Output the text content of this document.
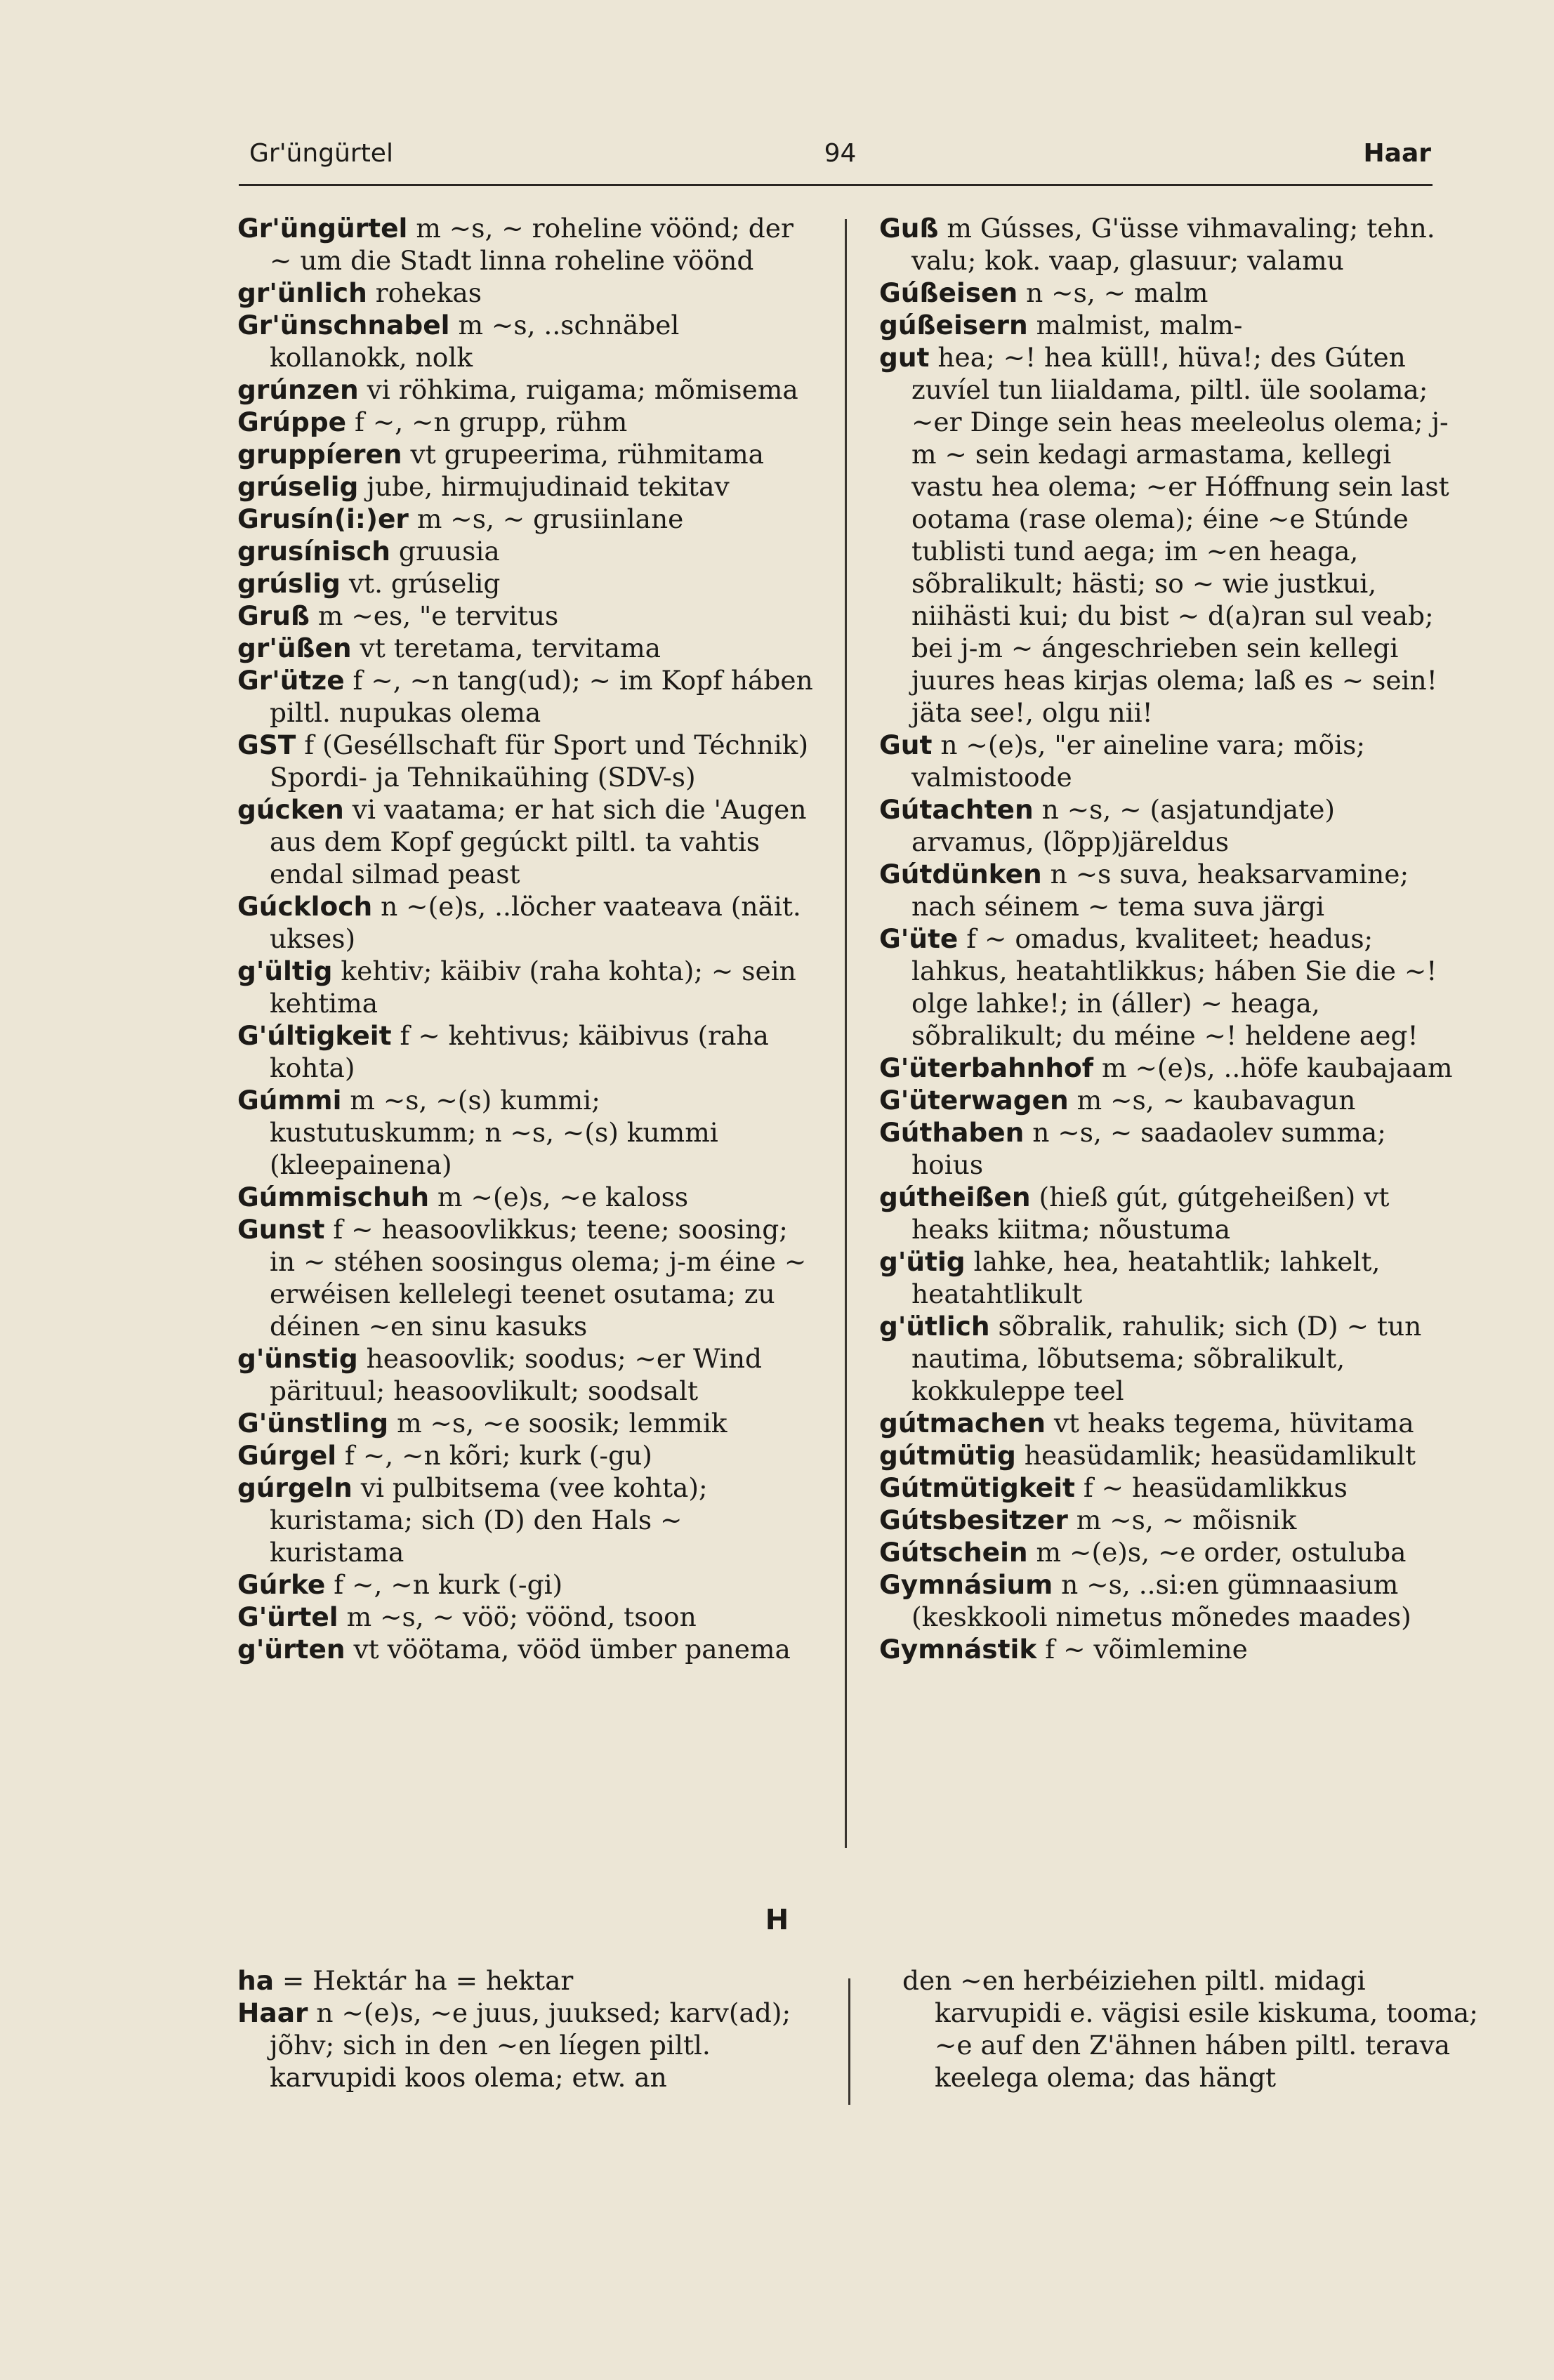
Gr'üngürtel	94	Haar

Gr'üngürtel m ~s, ~ roheline vöönd; der ~ um die Stadt linna roheline vöönd

gr'ünlich rohekas

Gr'ünschnabel m ~s, ..schnäbel kollanokk, nolk

grúnzen vi röhkima, ruigama; mõmisema

Grúppe f ~, ~n grupp, rühm

gruppíeren vt grupeerima, rühmitama

grúselig jube, hirmujudinaid tekitav

Grusín(i:)er m ~s, ~ grusiinlane

grusínisch gruusia

grúslig vt. grúselig

Gruß m ~es, "e tervitus

gr'üßen vt teretama, tervitama

Gr'ütze f ~, ~n tang(ud); ~ im Kopf háben piltl. nupukas olema

GST f (Geséllschaft für Sport und Téchnik) Spordi- ja Tehnikaühing (SDV-s)

gúcken vi vaatama; er hat sich die 'Augen aus dem Kopf gegúckt piltl. ta vahtis endal silmad peast

Gúckloch n ~(e)s, ..löcher vaateava (näit. ukses)

g'ültig kehtiv; käibiv (raha kohta); ~ sein kehtima

G'últigkeit f ~ kehtivus; käibivus (raha kohta)

Gúmmi m ~s, ~(s) kummi; kustutuskumm; n ~s, ~(s) kummi (kleepainena)

Gúmmischuh m ~(e)s, ~e kaloss

Gunst f ~ heasoovlikkus; teene; soosing; in ~ stéhen soosingus olema; j-m éine ~ erwéisen kellelegi teenet osutama; zu déinen ~en sinu kasuks

g'ünstig heasoovlik; soodus; ~er Wind pärituul; heasoovlikult; soodsalt

G'ünstling m ~s, ~e soosik; lemmik

Gúrgel f ~, ~n kõri; kurk (-gu)

gúrgeln vi pulbitsema (vee kohta); kuristama; sich (D) den Hals ~ kuristama

Gúrke f ~, ~n kurk (-gi)

G'ürtel m ~s, ~ vöö; vöönd, tsoon

g'ürten vt vöötama, vööd ümber panema

Guß m Gússes, G'üsse vihmavaling; tehn. valu; kok. vaap, glasuur; valamu

Gúßeisen n ~s, ~ malm

gúßeisern malmist, malm-

gut hea; ~! hea küll!, hüva!; des Gúten zuvíel tun liialdama, piltl. üle soolama; ~er Dinge sein heas meeleolus olema; j-m ~ sein kedagi armastama, kellegi vastu hea olema; ~er Hóffnung sein last ootama (rase olema); éine ~e Stúnde tublisti tund aega; im ~en heaga, sõbralikult; hästi; so ~ wie justkui, niihästi kui; du bist ~ d(a)ran sul veab; bei j-m ~ ángeschrieben sein kellegi juures heas kirjas olema; laß es ~ sein! jäta see!, olgu nii!

Gut n ~(e)s, "er aineline vara; mõis; valmistoode

Gútachten n ~s, ~ (asjatundjate) arvamus, (lõpp)järeldus

Gútdünken n ~s suva, heaksarvamine; nach séinem ~ tema suva järgi

G'üte f ~ omadus, kvaliteet; headus; lahkus, heatahtlikkus; háben Sie die ~! olge lahke!; in (áller) ~ heaga, sõbralikult; du méine ~! heldene aeg!

G'üterbahnhof m ~(e)s, ..höfe kaubajaam

G'üterwagen m ~s, ~ kaubavagun

Gúthaben n ~s, ~ saadaolev summa; hoius

gútheißen (hieß gút, gútgeheißen) vt heaks kiitma; nõustuma

g'ütig lahke, hea, heatahtlik; lahkelt, heatahtlikult

g'ütlich sõbralik, rahulik; sich (D) ~ tun nautima, lõbutsema; sõbralikult, kokkuleppe teel

gútmachen vt heaks tegema, hüvitama

gútmütig heasüdamlik; heasüdamlikult

Gútmütigkeit f ~ heasüdamlikkus

Gútsbesitzer m ~s, ~ mõisnik

Gútschein m ~(e)s, ~e order, ostuluba

Gymnásium n ~s, ..si:en gümnaasium (keskkooli nimetus mõnedes maades)

Gymnástik f ~ võimlemine

H

ha = Hektár ha = hektar

Haar n ~(e)s, ~e juus, juuksed; karv(ad); jõhv; sich in den ~en líegen piltl. karvupidi koos olema; etw. an

den ~en herbéiziehen piltl. midagi karvupidi e. vägisi esile kiskuma, tooma; ~e auf den Z'ähnen háben piltl. terava keelega olema; das hängt
